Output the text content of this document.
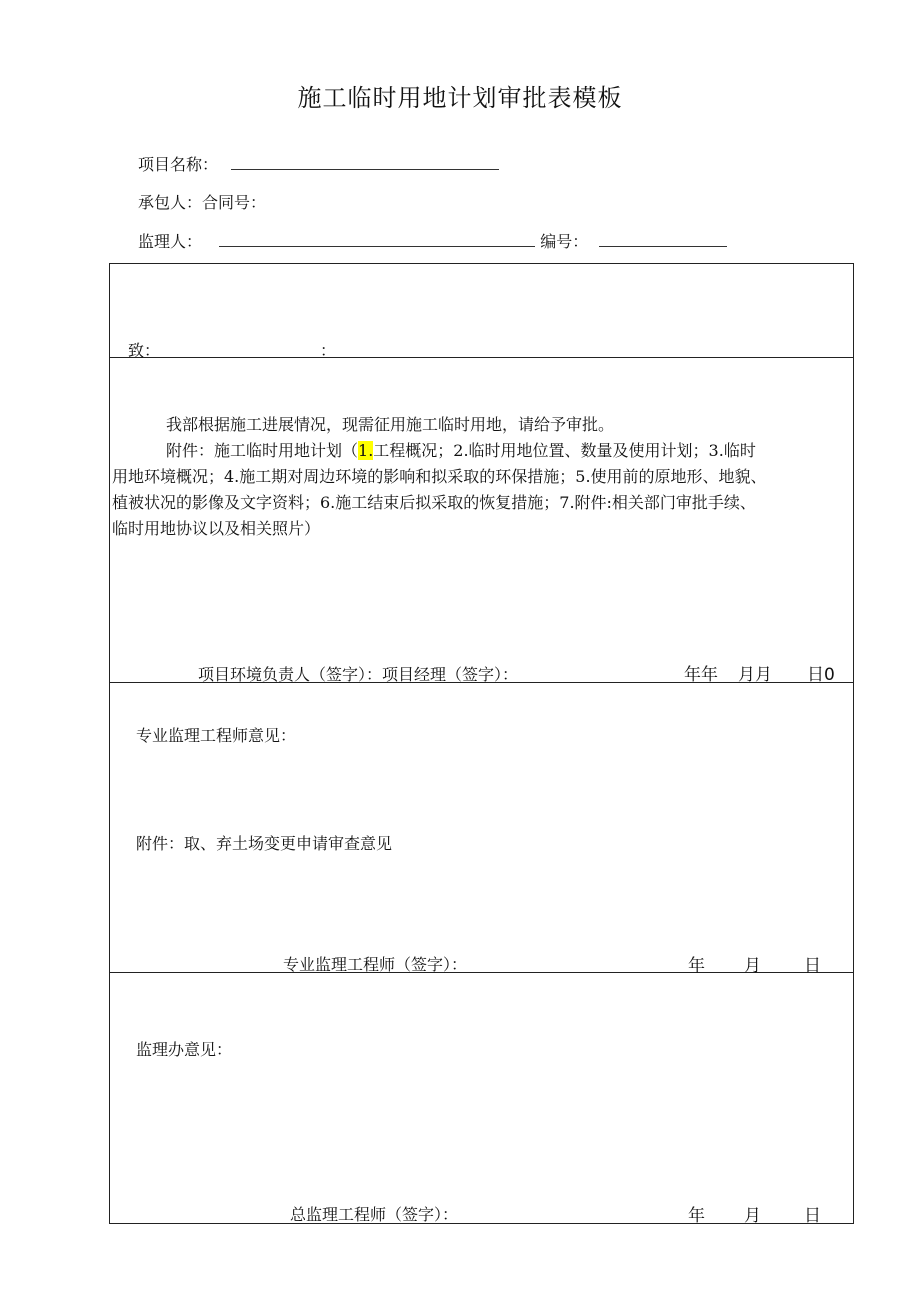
施工临时用地计划审批表模板
项目名称：
承包人：合同号：
监理人：	编号：
致：	：

我部根据施工进展情况，现需征用施工临时用地，请给予审批。
附件：施工临时用地计划（1.工程概况；2.临时用地位置、数量及使用计划；3.临时
用地环境概况；4.施工期对周边环境的影响和拟采取的环保措施；5.使用前的原地形、地貌、
植被状况的影像及文字资料；6.施工结束后拟采取的恢复措施；7.附件:相关部门审批手续、
临时用地协议以及相关照片）
项目环境负责人（签字）：项目经理（签字）：	年年 月月 日0

专业监理工程师意见：
附件：取、弃土场变更申请审查意见
专业监理工程师（签字）：	年 月	日

监理办意见：
总监理工程师（签字）：	年 月	日
